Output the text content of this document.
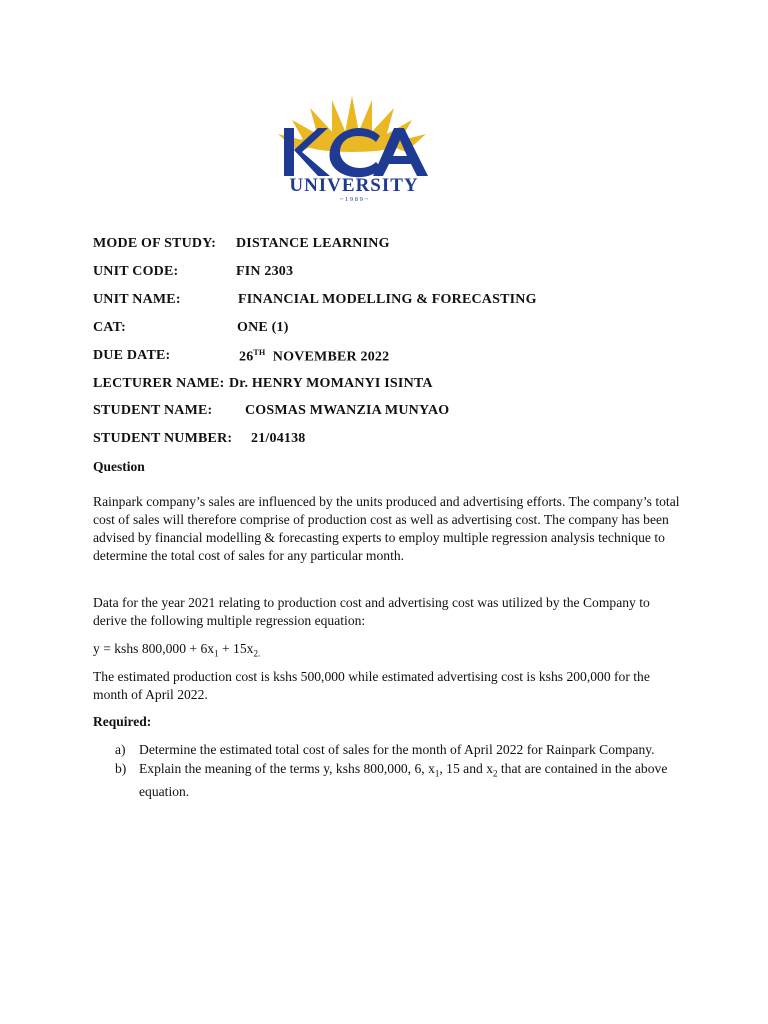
UNIVERSITY
~ 1 9 8 9 ~
MODE OF STUDY: DISTANCE LEARNING
UNIT CODE:	FIN 2303
UNIT NAME:	FINANCIAL MODELLING & FORECASTING
CAT:	ONE (1)
DUE DATE:	26TH NOVEMBER 2022
LECTURER NAME: Dr. HENRY MOMANYI ISINTA
STUDENT NAME: COSMAS MWANZIA MUNYAO
STUDENT NUMBER: 21/04138
Question

Rainpark company’s sales are influenced by the units produced and advertising efforts. The company’s total cost of sales will therefore comprise of production cost as well as advertising cost. The company has been advised by financial modelling & forecasting experts to employ multiple regression analysis technique to determine the total cost of sales for any particular month.

Data for the year 2021 relating to production cost and advertising cost was utilized by the Company to derive the following multiple regression equation:

y = kshs $800,000 + 6x_1 + 15x_{2.}$

The estimated production cost is kshs 500,000 while estimated advertising cost is kshs 200,000 for the month of April 2022.

Required:
a) Determine the estimated total cost of sales for the month of April 2022 for Rainpark Company.
b) Explain the meaning of the terms y, kshs 800,000, 6, $x_1$, 15 and $x_2$ that are contained in the above equation.
